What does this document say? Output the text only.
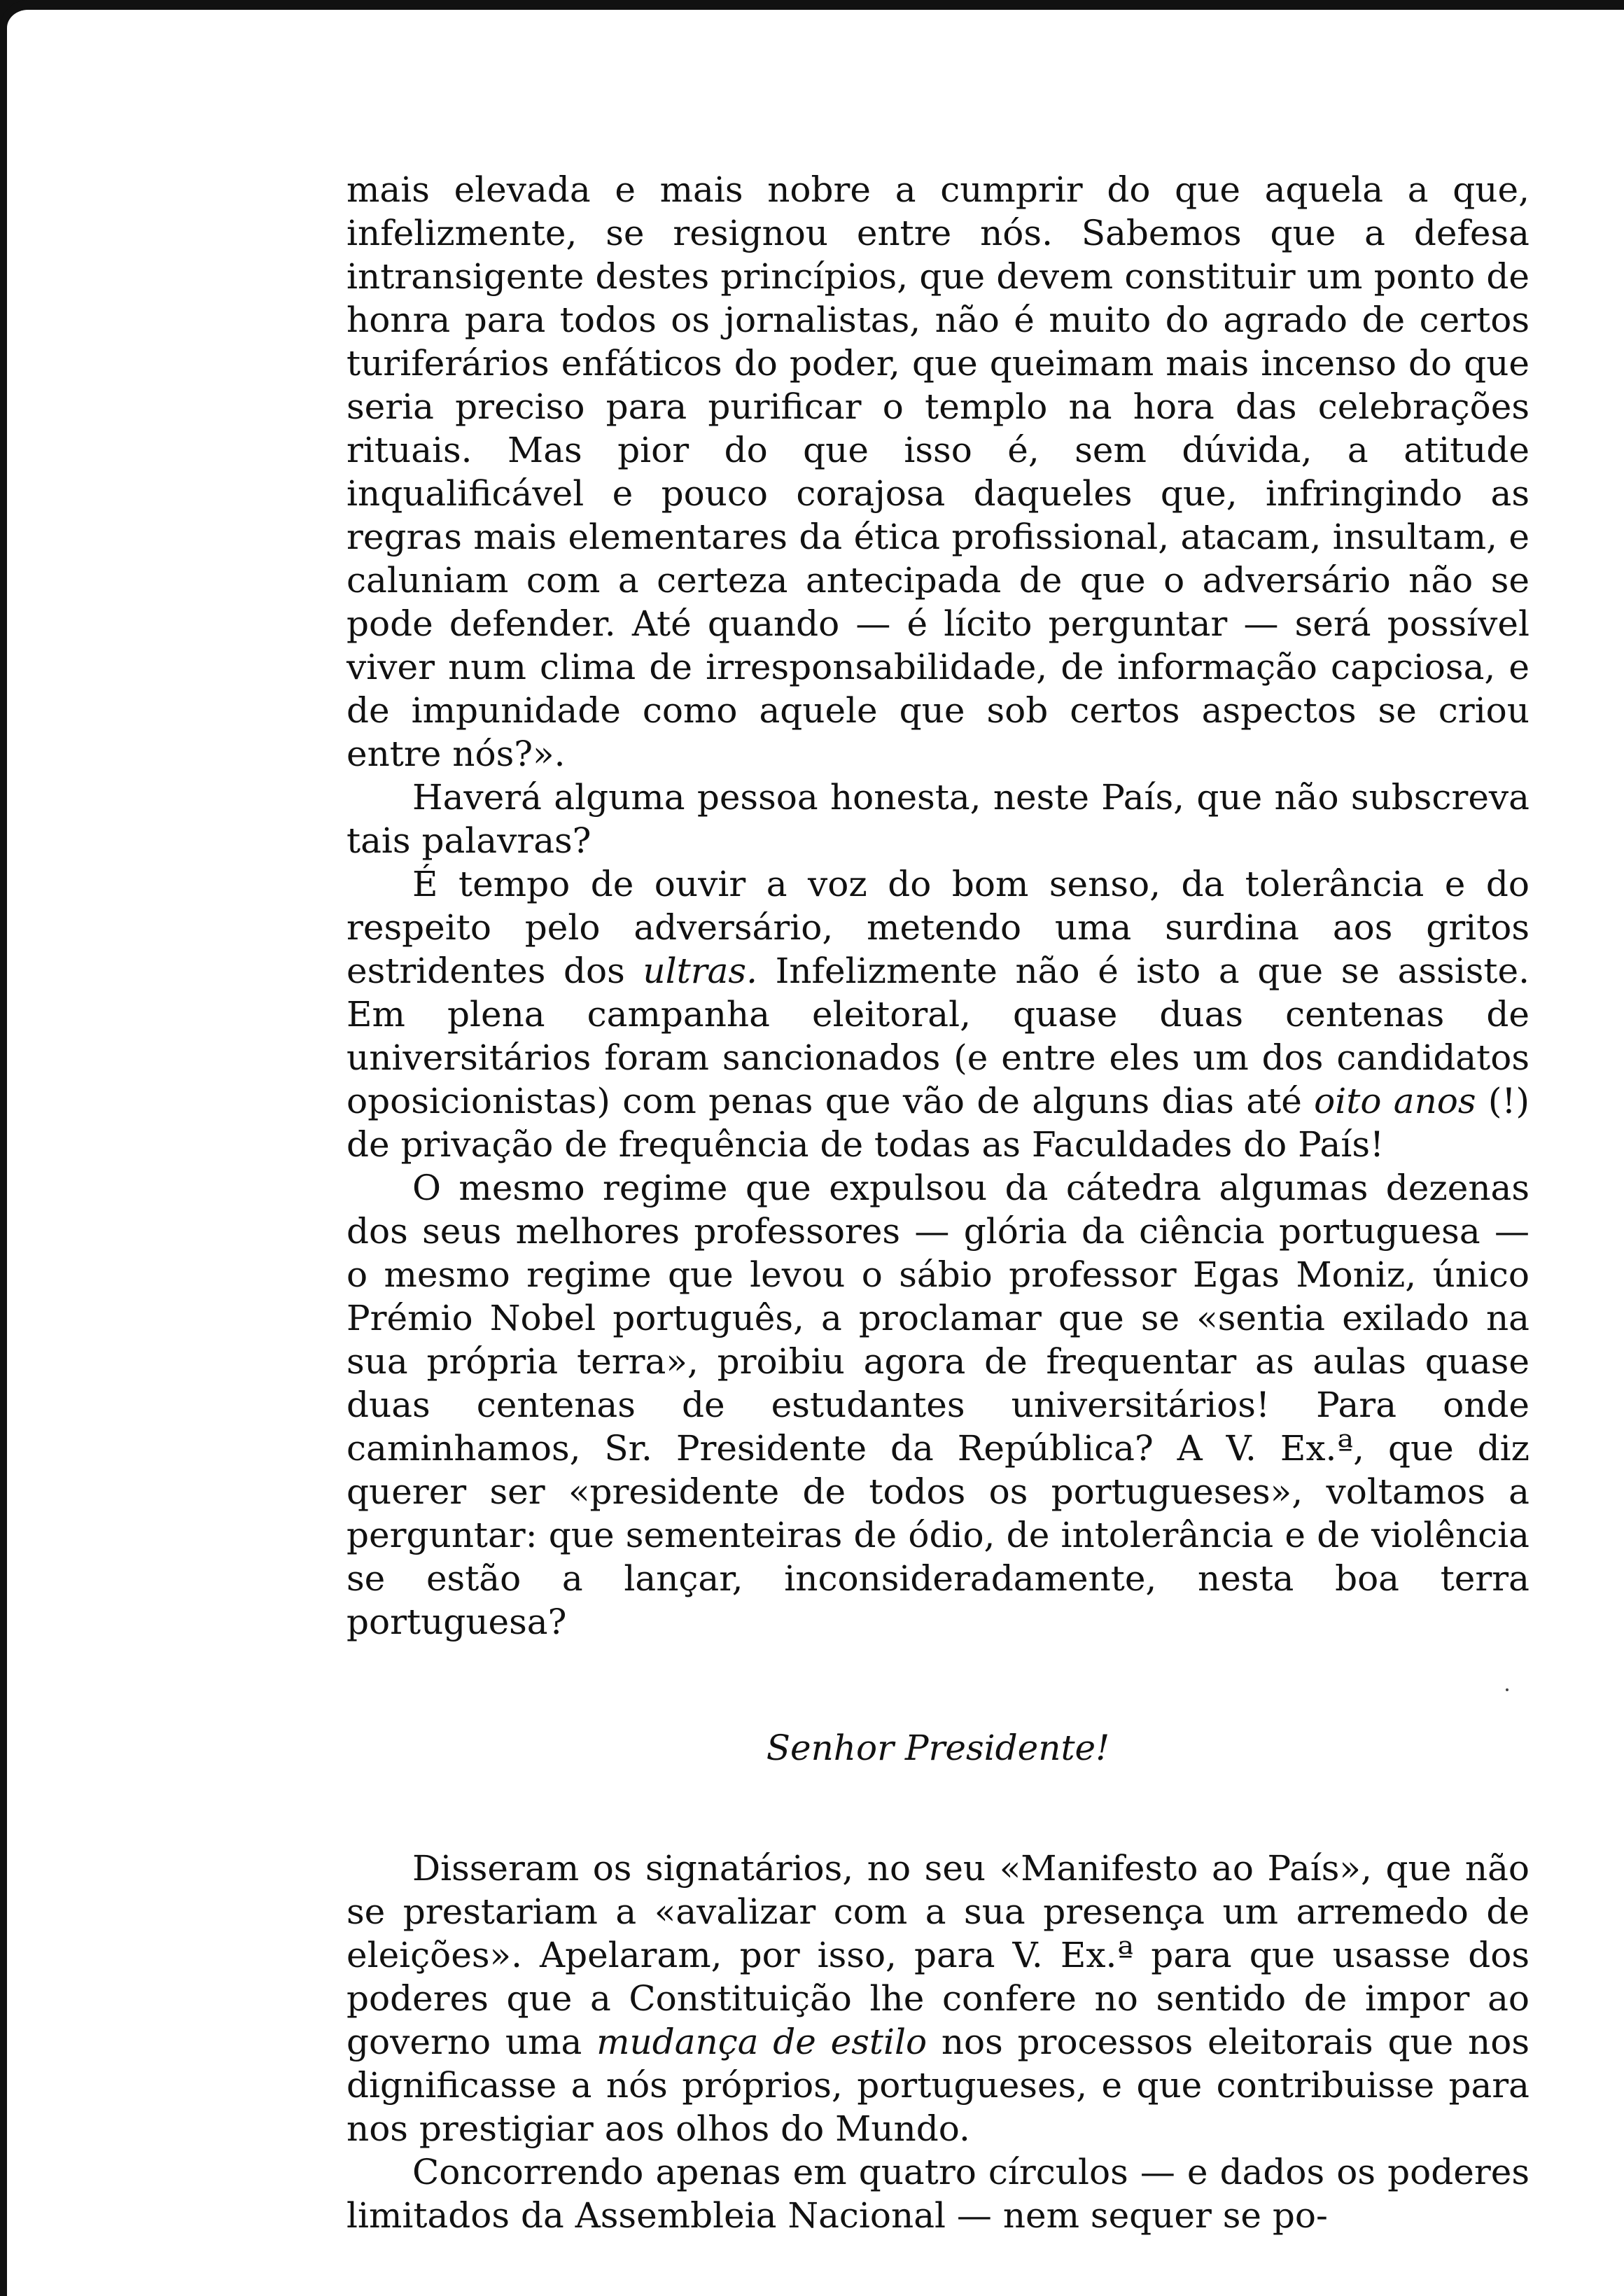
mais elevada e mais nobre a cumprir do que aquela a que, infelizmente, se resignou entre nós. Sabemos que a defesa intransigente destes princípios, que devem constituir um ponto de honra para todos os jornalistas, não é muito do agrado de certos turiferários enfáticos do poder, que queimam mais incenso do que seria preciso para purificar o templo na hora das celebrações rituais. Mas pior do que isso é, sem dúvida, a atitude inqualificável e pouco corajosa daqueles que, infringindo as regras mais elementares da ética profissional, atacam, insultam, e caluniam com a certeza antecipada de que o adversário não se pode defender. Até quando — é lícito perguntar — será possível viver num clima de irresponsabilidade, de informação capciosa, e de impunidade como aquele que sob certos aspectos se criou entre nós?».

Haverá alguma pessoa honesta, neste País, que não subscreva tais palavras?

É tempo de ouvir a voz do bom senso, da tolerância e do respeito pelo adversário, metendo uma surdina aos gritos estridentes dos ultras. Infelizmente não é isto a que se assiste. Em plena campanha eleitoral, quase duas centenas de universitários foram sancionados (e entre eles um dos candidatos oposicionistas) com penas que vão de alguns dias até oito anos (!) de privação de frequência de todas as Faculdades do País!

O mesmo regime que expulsou da cátedra algumas dezenas dos seus melhores professores — glória da ciência portuguesa — o mesmo regime que levou o sábio professor Egas Moniz, único Prémio Nobel português, a proclamar que se «sentia exilado na sua própria terra», proibiu agora de frequentar as aulas quase duas centenas de estudantes universitários! Para onde caminhamos, Sr. Presidente da República? A V. Ex.ª, que diz querer ser «presidente de todos os portugueses», voltamos a perguntar: que sementeiras de ódio, de intolerância e de violência se estão a lançar, inconsideradamente, nesta boa terra portuguesa?

Senhor Presidente!

Disseram os signatários, no seu «Manifesto ao País», que não se prestariam a «avalizar com a sua presença um arremedo de eleições». Apelaram, por isso, para V. Ex.ª para que usasse dos poderes que a Constituição lhe confere no sentido de impor ao governo uma mudança de estilo nos processos eleitorais que nos dignificasse a nós próprios, portugueses, e que contribuisse para nos prestigiar aos olhos do Mundo.

Concorrendo apenas em quatro círculos — e dados os poderes limitados da Assembleia Nacional — nem sequer se po-
